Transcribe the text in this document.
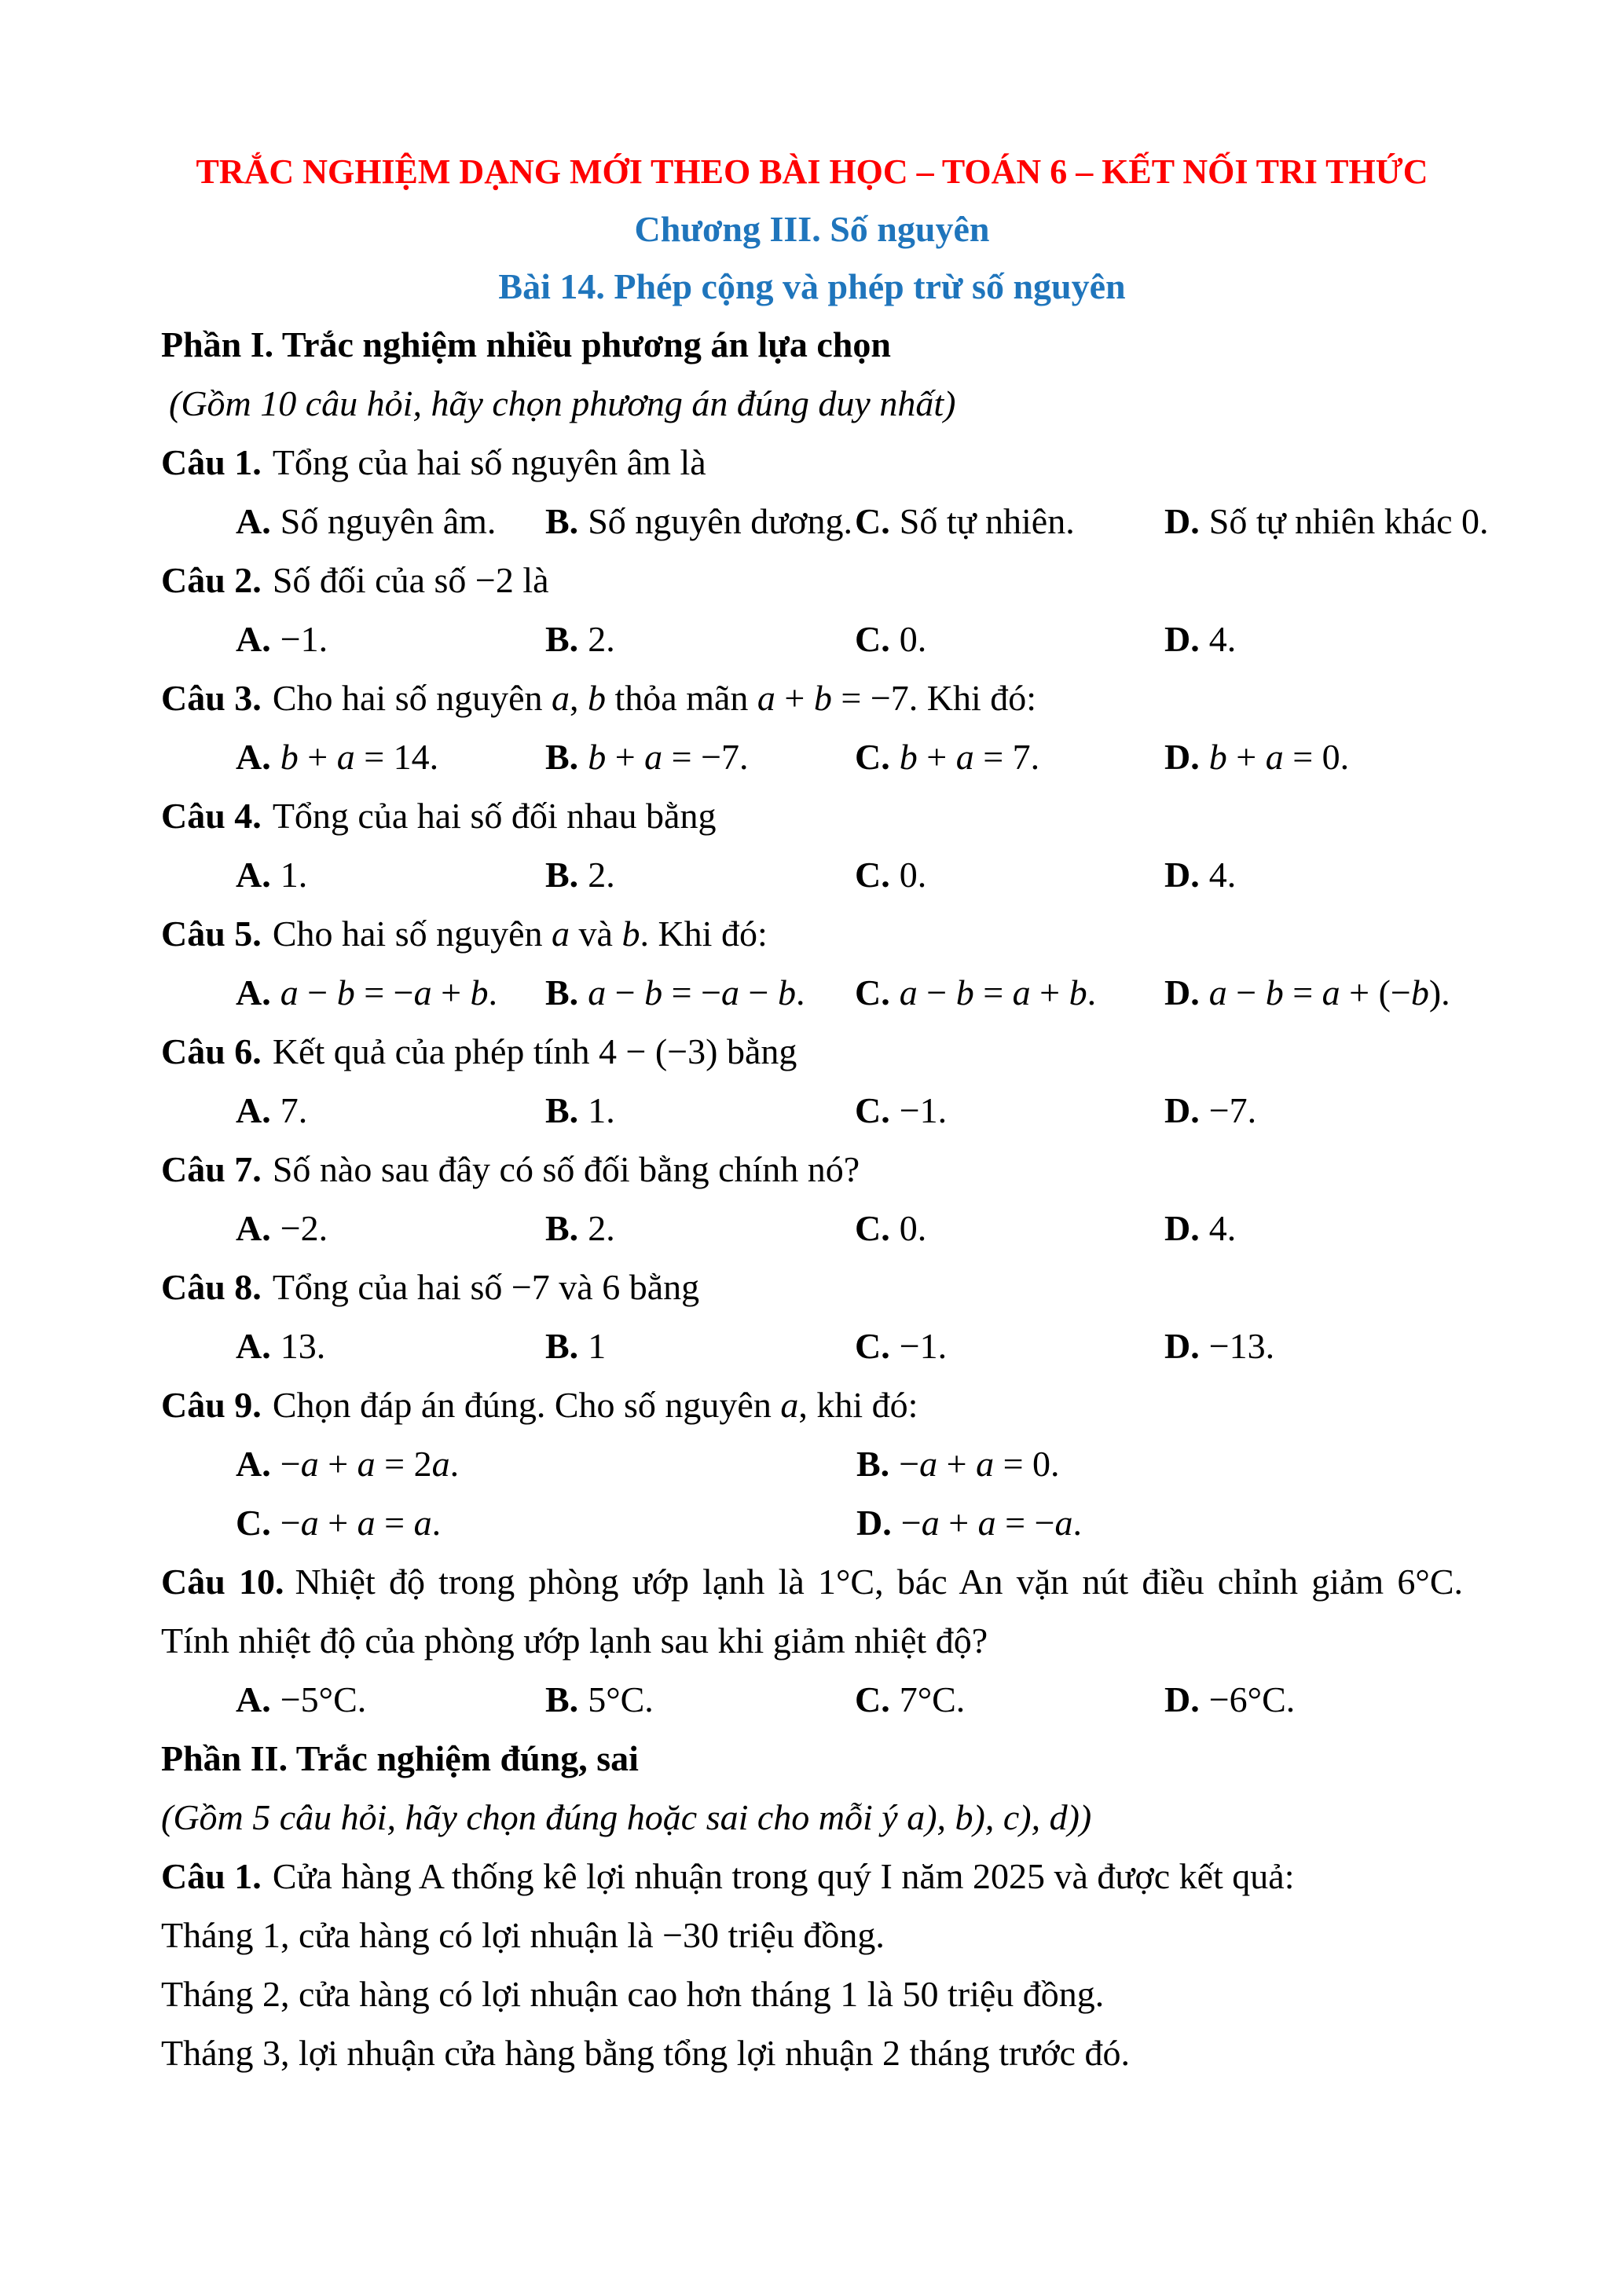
TRẮC NGHIỆM DẠNG MỚI THEO BÀI HỌC – TOÁN 6 – KẾT NỐI TRI THỨC
Chương III. Số nguyên
Bài 14. Phép cộng và phép trừ số nguyên
Phần I. Trắc nghiệm nhiều phương án lựa chọn
(Gồm 10 câu hỏi, hãy chọn phương án đúng duy nhất)
Câu 1. Tổng của hai số nguyên âm là
A. Số nguyên âm. B. Số nguyên dương. C. Số tự nhiên. D. Số tự nhiên khác 0.
Câu 2. Số đối của số −2 là
A. −1.	B. 2.	C. 0.	D. 4.
Câu 3. Cho hai số nguyên a, b thỏa mãn a + b = −7. Khi đó:
A. b + a = 14.	B. b + a = −7.	C. b + a = 7.	D. b + a = 0.
Câu 4. Tổng của hai số đối nhau bằng
A. 1.	B. 2.	C. 0.	D. 4.
Câu 5. Cho hai số nguyên a và b. Khi đó:
A. a − b = −a + b. B. a − b = −a − b. C. a − b = a + b. D. a − b = a + (−b).
Câu 6. Kết quả của phép tính 4 − (−3) bằng
A. 7.	B. 1.	C. −1.	D. −7.
Câu 7. Số nào sau đây có số đối bằng chính nó?
A. −2.	B. 2.	C. 0.	D. 4.
Câu 8. Tổng của hai số −7 và 6 bằng
A. 13.	B. 1	C. −1.	D. −13.
Câu 9. Chọn đáp án đúng. Cho số nguyên a, khi đó:
A. −a + a = 2a.	B. −a + a = 0.
C. −a + a = a.	D. −a + a = −a.
Câu 10. Nhiệt độ trong phòng ướp lạnh là 1°C, bác An vặn nút điều chỉnh giảm 6°C. Tính nhiệt độ của phòng ướp lạnh sau khi giảm nhiệt độ?
A. −5°C.	B. 5°C.	C. 7°C.	D. −6°C.
Phần II. Trắc nghiệm đúng, sai
(Gồm 5 câu hỏi, hãy chọn đúng hoặc sai cho mỗi ý a), b), c), d))
Câu 1. Cửa hàng A thống kê lợi nhuận trong quý I năm 2025 và được kết quả:
Tháng 1, cửa hàng có lợi nhuận là −30 triệu đồng.
Tháng 2, cửa hàng có lợi nhuận cao hơn tháng 1 là 50 triệu đồng.
Tháng 3, lợi nhuận cửa hàng bằng tổng lợi nhuận 2 tháng trước đó.
